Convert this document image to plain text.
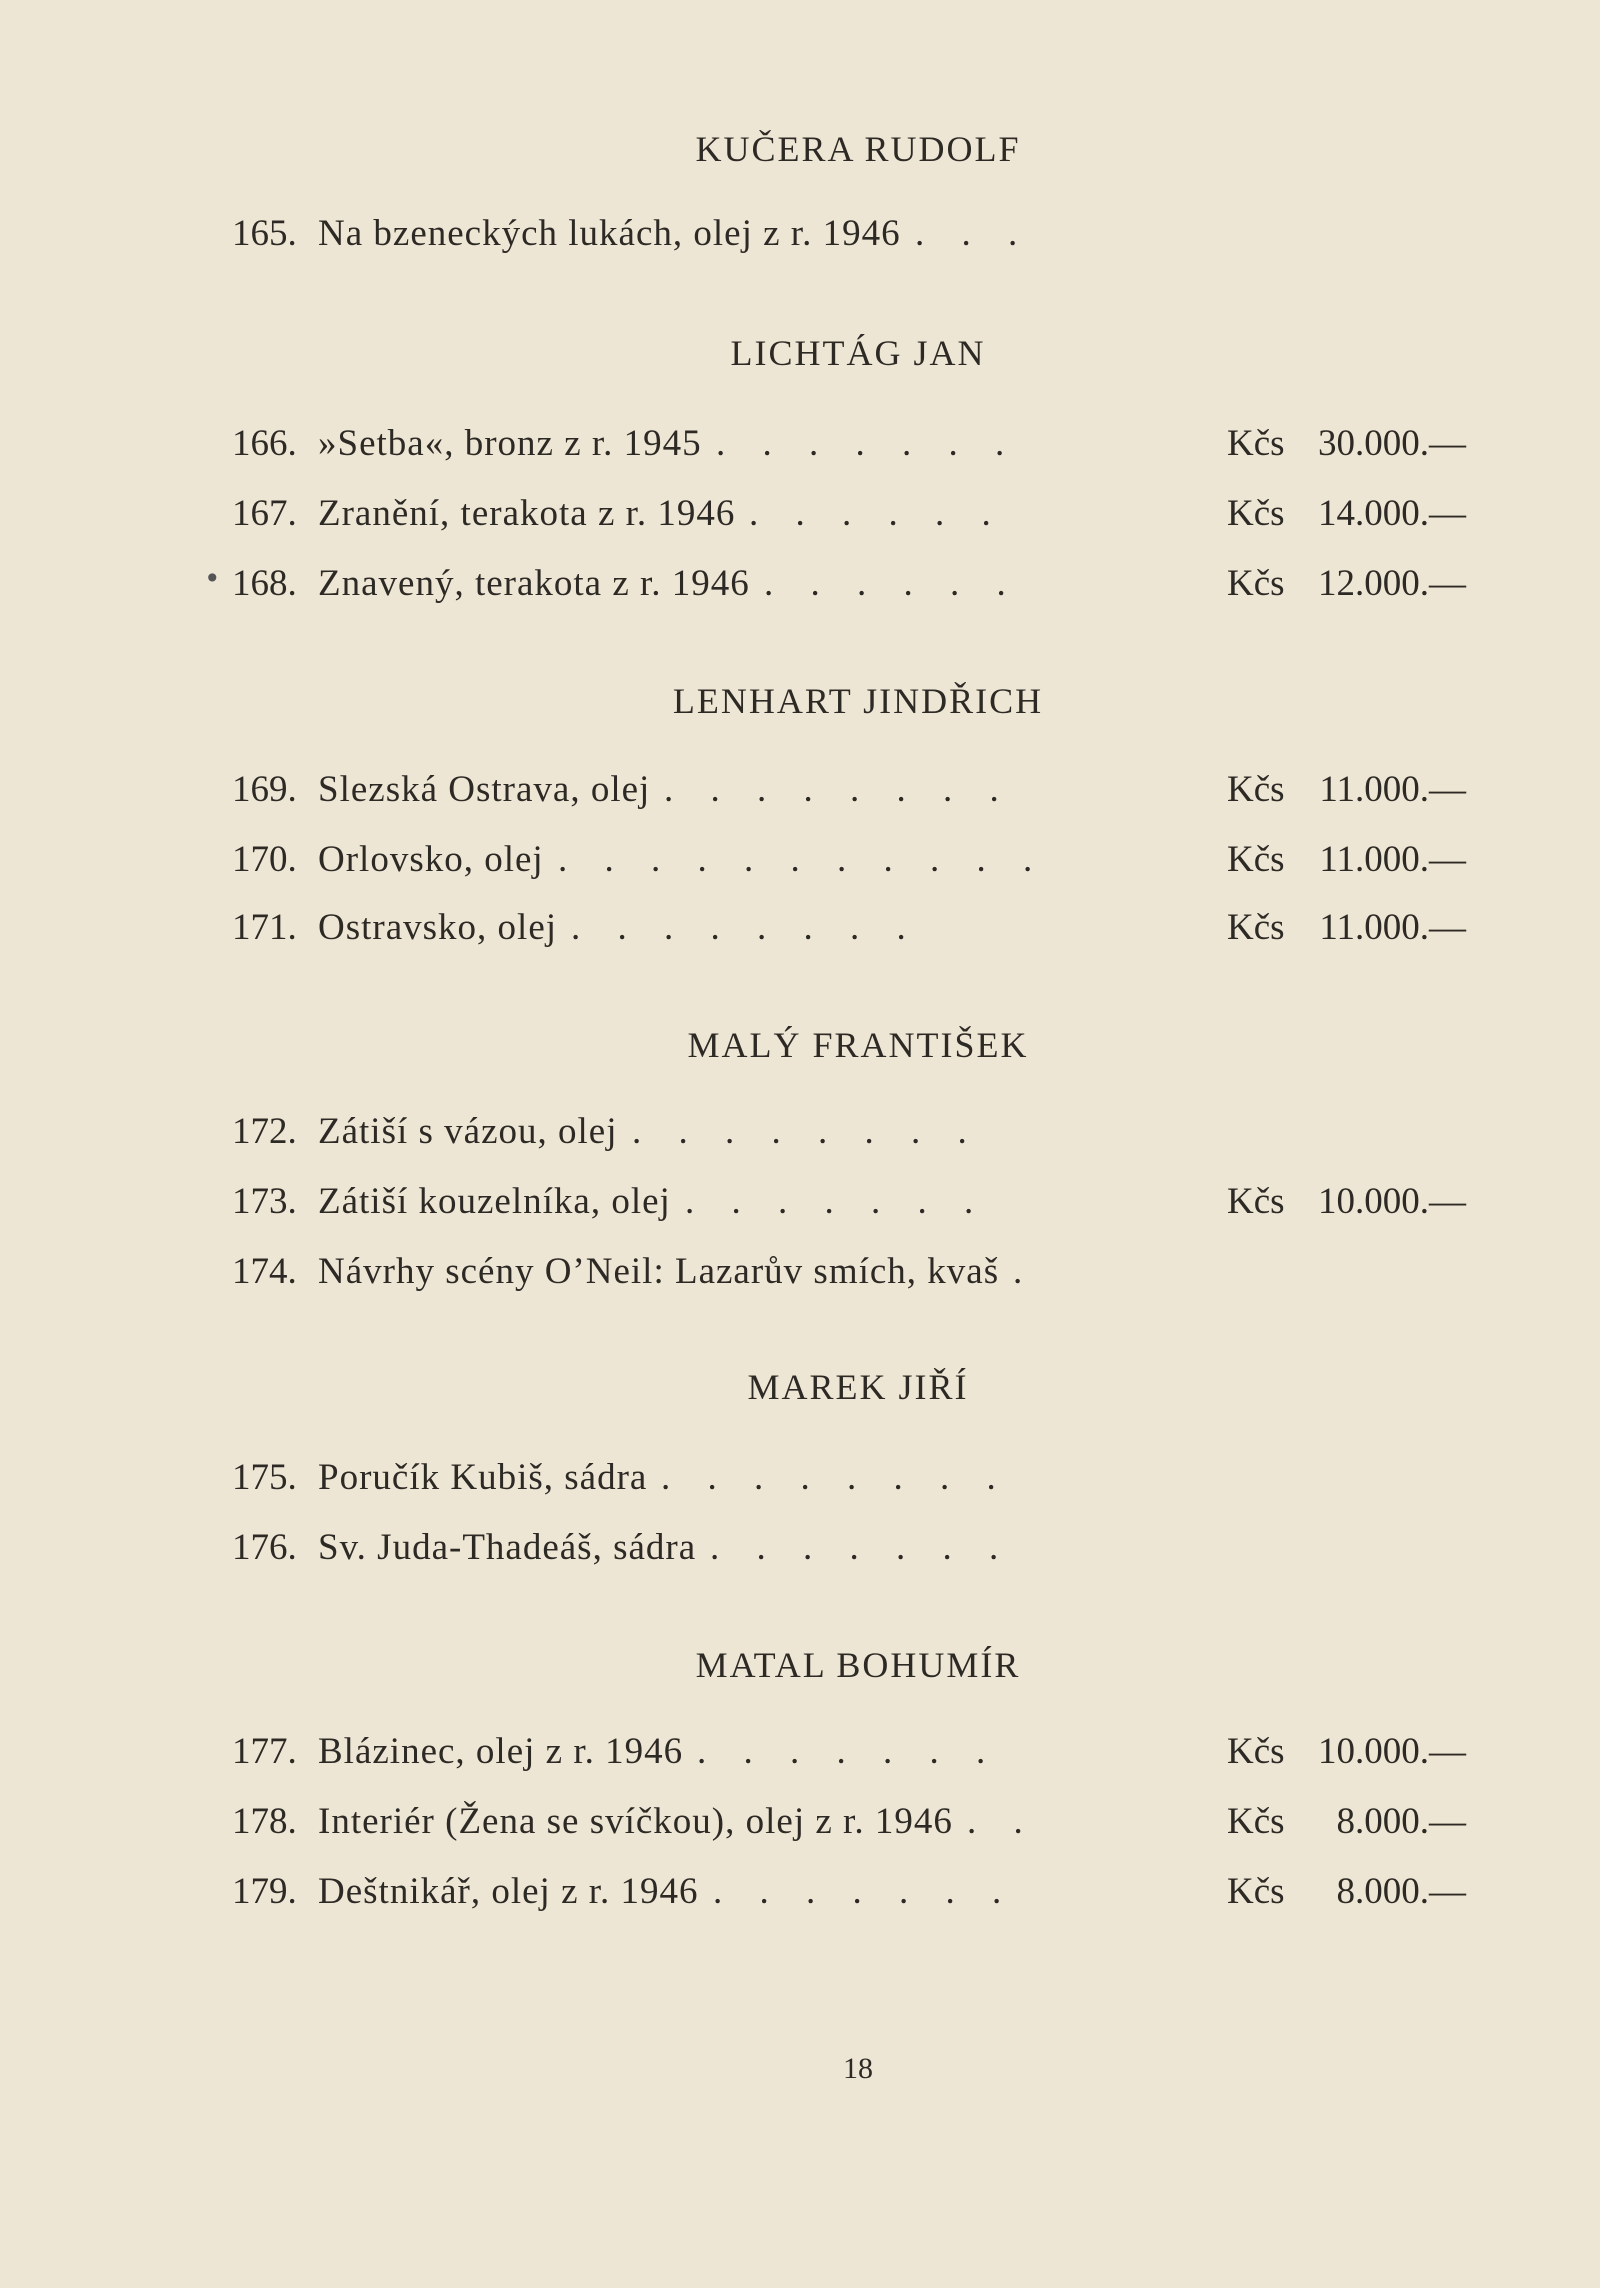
KUČERA RUDOLF
165. Na bzeneckých lukách, olej z r. 1946 . . .
LICHTÁG JAN
166. »Setba«, bronz z r. 1945 . . . . . . .	Kčs 30.000.—
167. Zranění, terakota z r. 1946 . . . . . .	Kčs 14.000.—
• 168. Znavený, terakota z r. 1946 . . . . . .	Kčs 12.000.—
LENHART JINDŘICH
169. Slezská Ostrava, olej . . . . . . . .	Kčs 11.000.—
170. Orlovsko, olej . . . . . . . . . . .	Kčs 11.000.—
171. Ostravsko, olej . . . . . . . .	Kčs 11.000.—
MALÝ FRANTIŠEK
172. Zátiší s vázou, olej . . . . . . . .
173. Zátiší kouzelníka, olej . . . . . . .	Kčs 10.000.—
174. Návrhy scény O’Neil: Lazarův smích, kvaš .
MAREK JIŘÍ
175. Poručík Kubiš, sádra . . . . . . . .
176. Sv. Juda-Thadeáš, sádra . . . . . . .
MATAL BOHUMÍR
177. Blázinec, olej z r. 1946 . . . . . . .	Kčs 10.000.—
178. Interiér (Žena se svíčkou), olej z r. 1946 . .	Kčs 8.000.—
179. Deštnikář, olej z r. 1946 . . . . . . .	Kčs 8.000.—
18
